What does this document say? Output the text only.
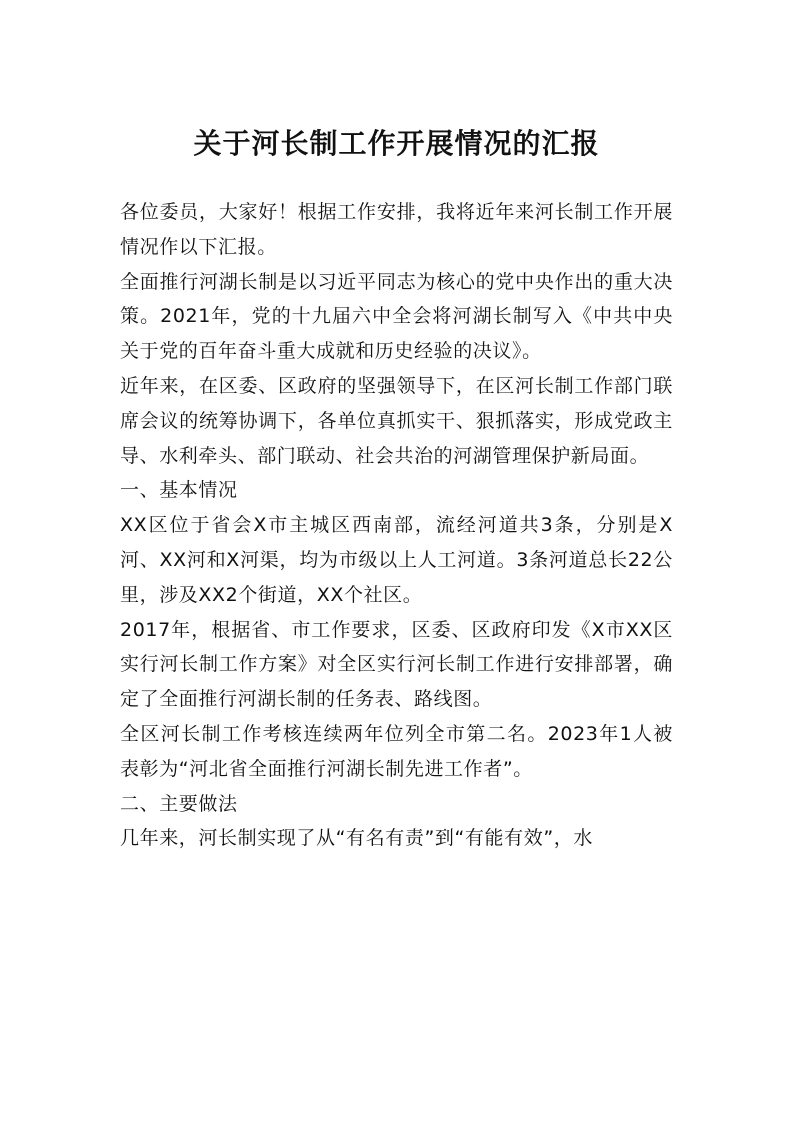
关于河长制工作开展情况的汇报

各位委员，大家好！根据工作安排，我将近年来河长制工作开展情况作以下汇报。

全面推行河湖长制是以习近平同志为核心的党中央作出的重大决策。2021年，党的十九届六中全会将河湖长制写入《中共中央关于党的百年奋斗重大成就和历史经验的决议》。

近年来，在区委、区政府的坚强领导下，在区河长制工作部门联席会议的统筹协调下，各单位真抓实干、狠抓落实，形成党政主导、水利牵头、部门联动、社会共治的河湖管理保护新局面。

一、基本情况

XX区位于省会X市主城区西南部，流经河道共3条，分别是X河、XX河和X河渠，均为市级以上人工河道。3条河道总长22公里，涉及XX2个街道，XX个社区。

2017年，根据省、市工作要求，区委、区政府印发《X市XX区实行河长制工作方案》对全区实行河长制工作进行安排部署，确定了全面推行河湖长制的任务表、路线图。

全区河长制工作考核连续两年位列全市第二名。2023年1人被表彰为“河北省全面推行河湖长制先进工作者”。

二、主要做法

几年来，河长制实现了从“有名有责”到“有能有效”，水
